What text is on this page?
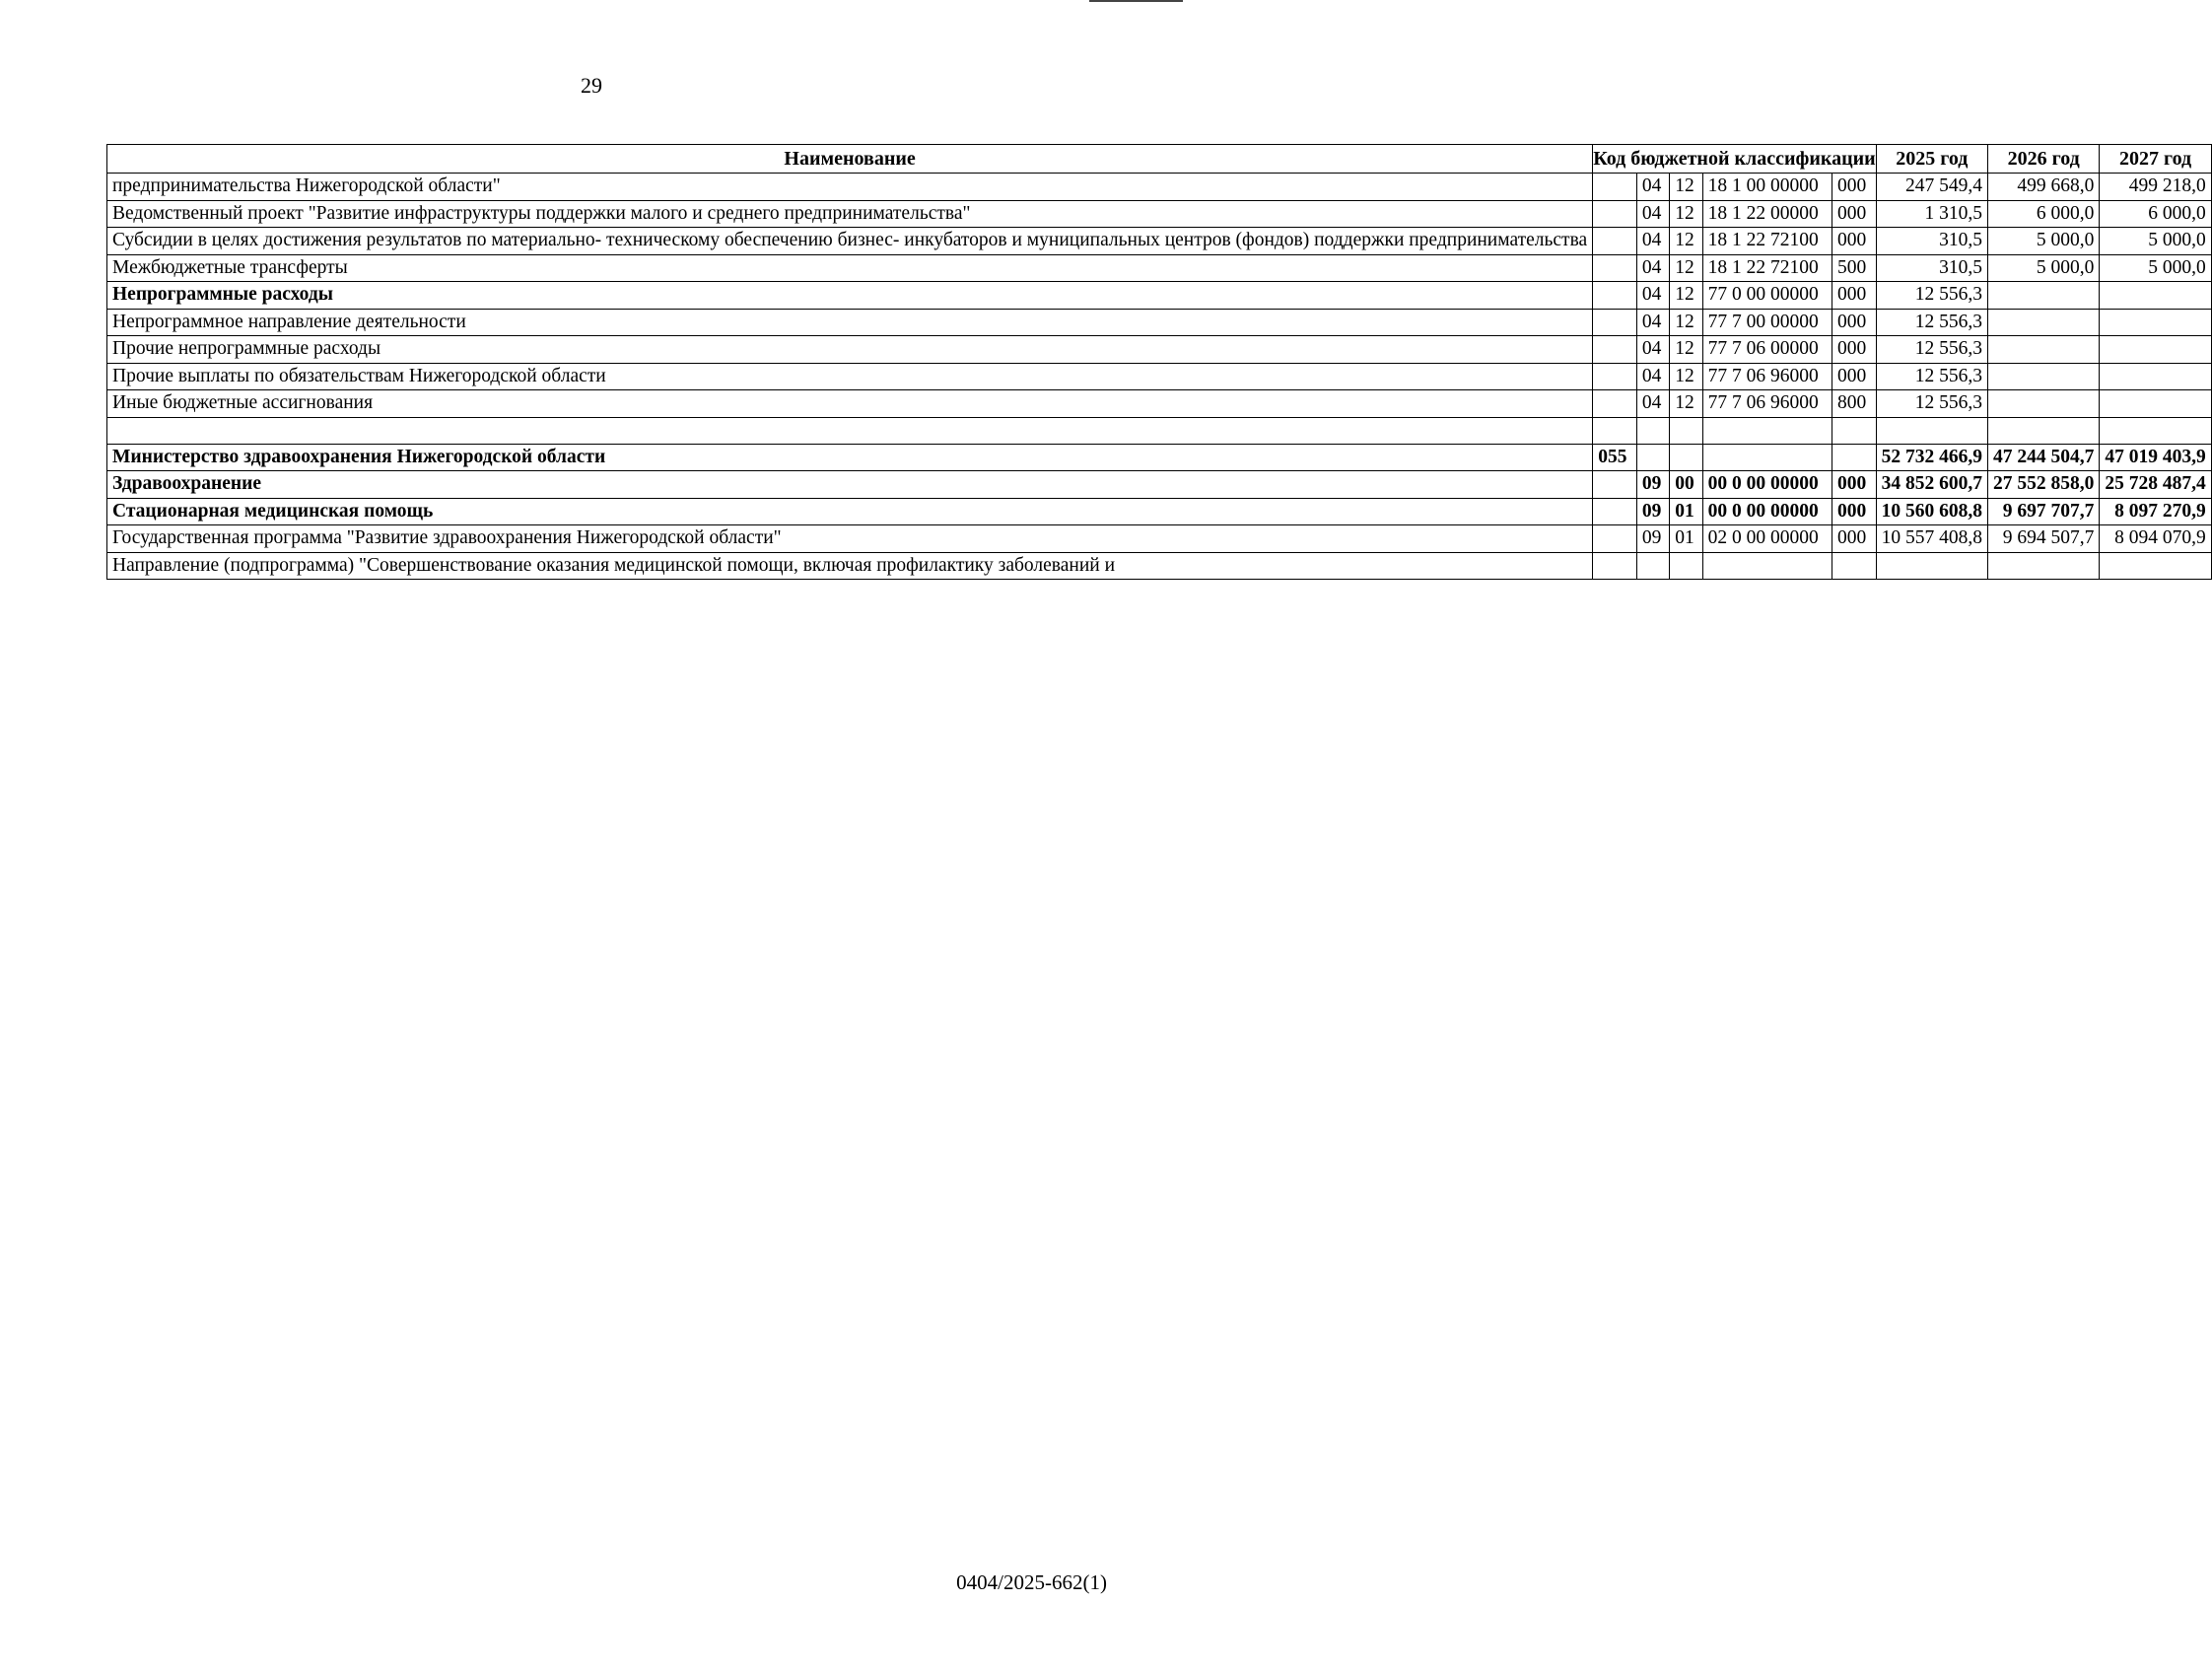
29
Наименование	Код бюджетной классификации					2025 год	2026 год	2027 год
предпринимательства Нижегородской области"		04	12	18 1 00 00000	000	247 549,4	499 668,0	499 218,0
Ведомственный проект "Развитие инфраструктуры поддержки малого и среднего предпринимательства"		04	12	18 1 22 00000	000	1 310,5	6 000,0	6 000,0
Субсидии в целях достижения результатов по материально- техническому обеспечению бизнес- инкубаторов и муниципальных центров (фондов) поддержки предпринимательства		04	12	18 1 22 72100	000	310,5	5 000,0	5 000,0
Межбюджетные трансферты		04	12	18 1 22 72100	500	310,5	5 000,0	5 000,0
Непрограммные расходы		04	12	77 0 00 00000	000	12 556,3		
Непрограммное направление деятельности		04	12	77 7 00 00000	000	12 556,3		
Прочие непрограммные расходы		04	12	77 7 06 00000	000	12 556,3		
Прочие выплаты по обязательствам Нижегородской области		04	12	77 7 06 96000	000	12 556,3		
Иные бюджетные ассигнования		04	12	77 7 06 96000	800	12 556,3		

Министерство здравоохранения Нижегородской области	055					52 732 466,9	47 244 504,7	47 019 403,9
Здравоохранение		09	00	00 0 00 00000	000	34 852 600,7	27 552 858,0	25 728 487,4
Стационарная медицинская помощь		09	01	00 0 00 00000	000	10 560 608,8	9 697 707,7	8 097 270,9
Государственная программа "Развитие здравоохранения Нижегородской области"		09	01	02 0 00 00000	000	10 557 408,8	9 694 507,7	8 094 070,9
Направление (подпрограмма) "Совершенствование оказания медицинской помощи, включая профилактику заболеваний и								
0404/2025-662(1)
